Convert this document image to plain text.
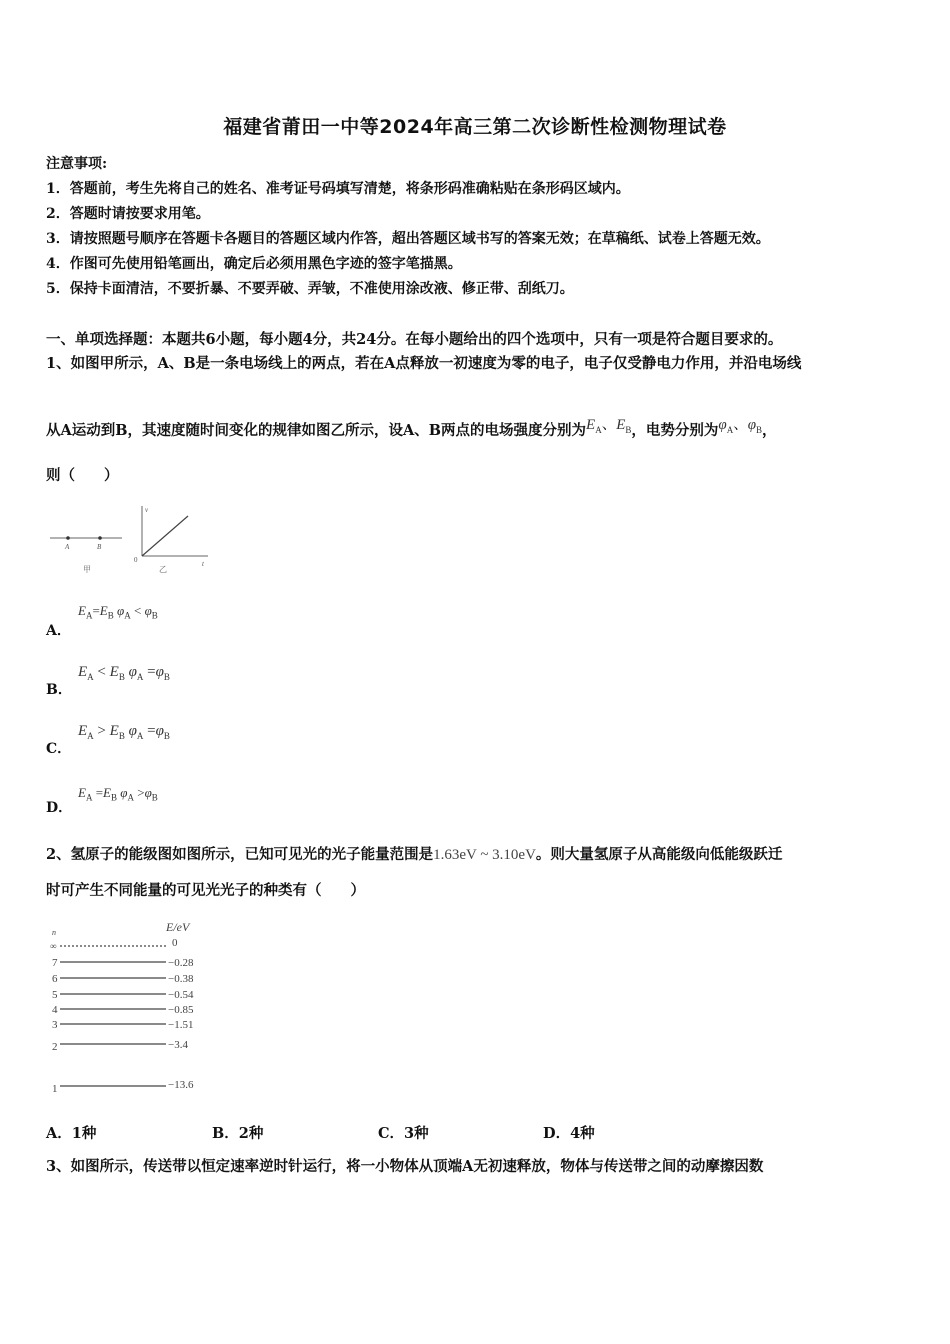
福建省莆田一中等2024年高三第二次诊断性检测物理试卷
注意事项:
1．答题前，考生先将自己的姓名、准考证号码填写清楚，将条形码准确粘贴在条形码区域内。
2．答题时请按要求用笔。
3．请按照题号顺序在答题卡各题目的答题区域内作答，超出答题区域书写的答案无效；在草稿纸、试卷上答题无效。
4．作图可先使用铅笔画出，确定后必须用黑色字迹的签字笔描黑。
5．保持卡面清洁，不要折暴、不要弄破、弄皱，不准使用涂改液、修正带、刮纸刀。
一、单项选择题：本题共6小题，每小题4分，共24分。在每小题给出的四个选项中，只有一项是符合题目要求的。
1、如图甲所示，A、B是一条电场线上的两点，若在A点释放一初速度为零的电子，电子仅受静电力作用，并沿电场线
从A运动到B，其速度随时间变化的规律如图乙所示，设A、B两点的电场强度分别为$E_A$、$E_B$，电势分别为$\varphi_A$、$\varphi_B$，
则（　　）
A	B
甲
v
t
0
乙
A．
$E_A=E_B$ $\varphi_A < \varphi_B$
B．
$E_A < E_B$ $\varphi_A =\varphi_B$
C．
$E_A > E_B$ $\varphi_A =\varphi_B$
D．
$E_A =E_B$ $\varphi_A >\varphi_B$
2、氢原子的能级图如图所示，已知可见光的光子能量范围是1.63eV ~ 3.10eV。则大量氢原子从高能级向低能级跃迁
时可产生不同能量的可见光光子的种类有（　　）
n	E/eV
∞	0
7	−0.28
6	−0.38
5	−0.54
4	−0.85
3	−1.51
2	−3.4
1	−13.6
A．1种	B．2种	C．3种	D．4种
3、如图所示，传送带以恒定速率逆时针运行，将一小物体从顶端A无初速释放，物体与传送带之间的动摩擦因数
